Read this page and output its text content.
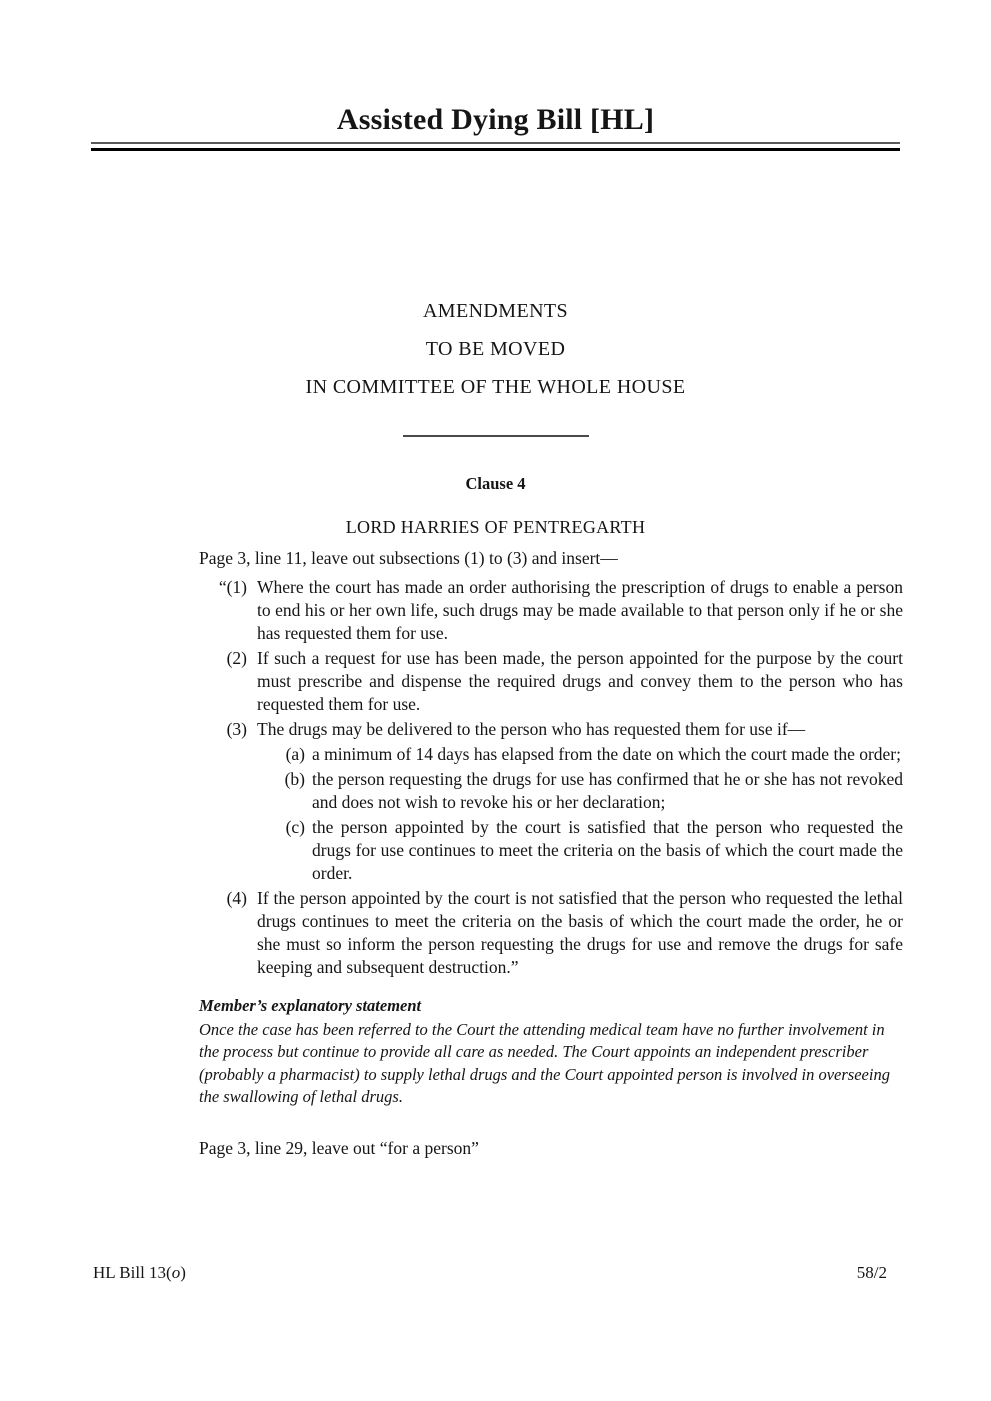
Assisted Dying Bill [HL]
AMENDMENTS
TO BE MOVED
IN COMMITTEE OF THE WHOLE HOUSE
Clause 4
LORD HARRIES OF PENTREGARTH
Page 3, line 11, leave out subsections (1) to (3) and insert—
“(1) Where the court has made an order authorising the prescription of drugs to enable a person to end his or her own life, such drugs may be made available to that person only if he or she has requested them for use.
(2) If such a request for use has been made, the person appointed for the purpose by the court must prescribe and dispense the required drugs and convey them to the person who has requested them for use.
(3) The drugs may be delivered to the person who has requested them for use if—
(a) a minimum of 14 days has elapsed from the date on which the court made the order;
(b) the person requesting the drugs for use has confirmed that he or she has not revoked and does not wish to revoke his or her declaration;
(c) the person appointed by the court is satisfied that the person who requested the drugs for use continues to meet the criteria on the basis of which the court made the order.
(4) If the person appointed by the court is not satisfied that the person who requested the lethal drugs continues to meet the criteria on the basis of which the court made the order, he or she must so inform the person requesting the drugs for use and remove the drugs for safe keeping and subsequent destruction.”
Member’s explanatory statement
Once the case has been referred to the Court the attending medical team have no further involvement in the process but continue to provide all care as needed. The Court appoints an independent prescriber (probably a pharmacist) to supply lethal drugs and the Court appointed person is involved in overseeing the swallowing of lethal drugs.
Page 3, line 29, leave out “for a person”
HL Bill 13(o)	58/2
